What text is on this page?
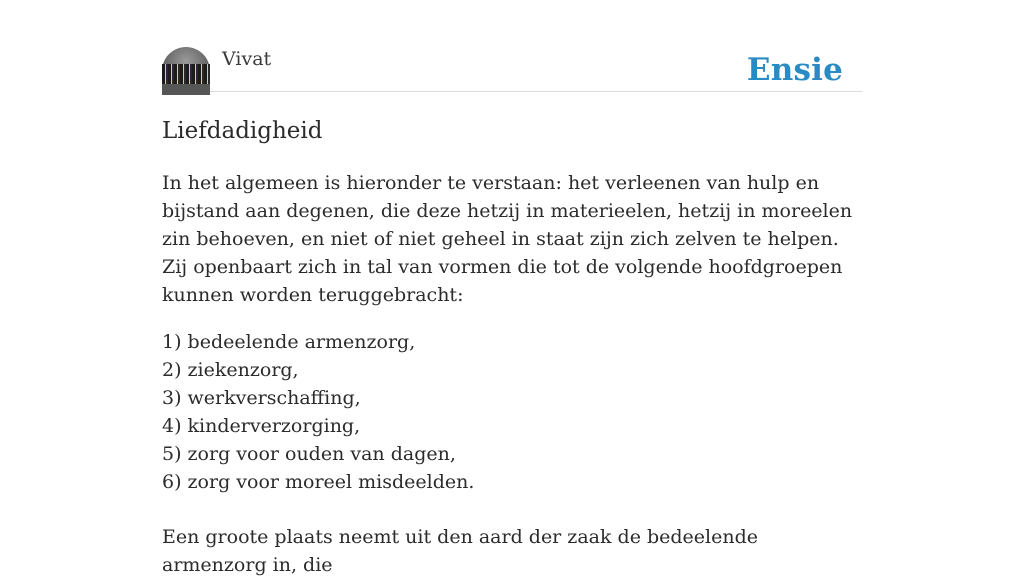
Vivat	Ensie
Liefdadigheid

In het algemeen is hieronder te verstaan: het verleenen van hulp en bijstand aan degenen, die deze hetzij in materieelen, hetzij in moreelen zin behoeven, en niet of niet geheel in staat zijn zich zelven te helpen. Zij openbaart zich in tal van vormen die tot de volgende hoofdgroepen kunnen worden teruggebracht:

1) bedeelende armenzorg,
2) ziekenzorg,
3) werkverschaffing,
4) kinderverzorging,
5) zorg voor ouden van dagen,
6) zorg voor moreel misdeelden.

Een groote plaats neemt uit den aard der zaak de bedeelende armenzorg in, die
